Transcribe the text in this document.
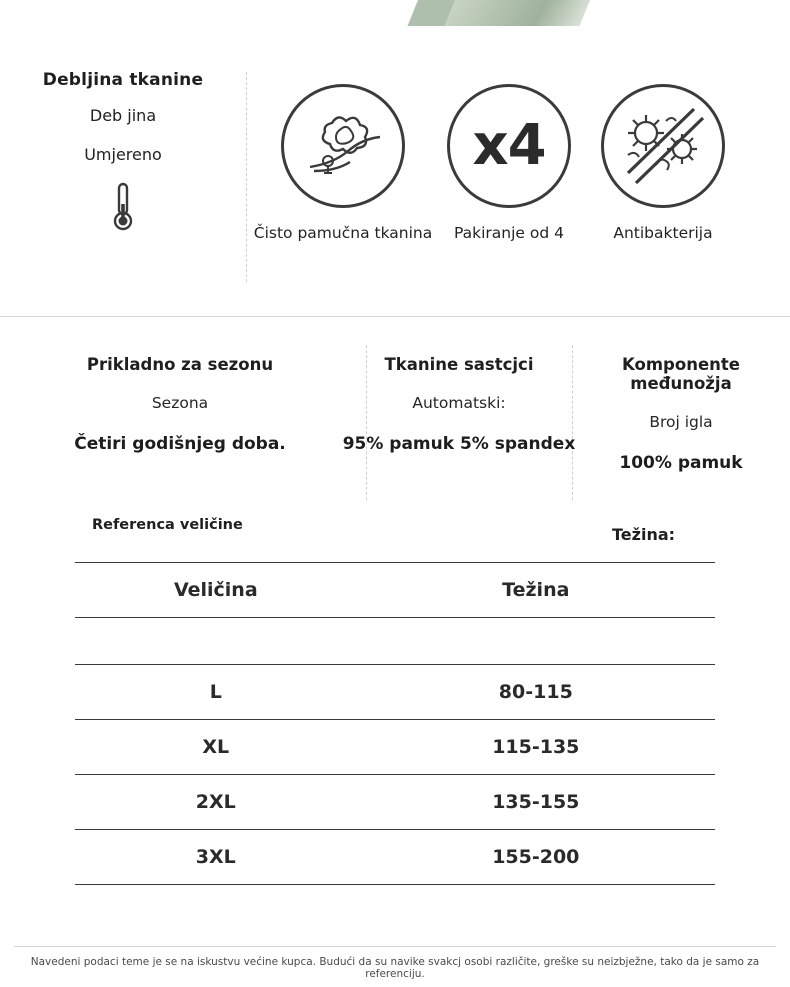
Debljina tkanine
Deb jina
Umjereno
Čisto pamučna tkanina
x4
Pakiranje od 4	Antibakterija
Prikladno za sezonu
Sezona
Četiri godišnjeg doba.
Tkanine sastcjci
Automatski:
95% pamuk 5% spandex
Komponente međunožja
Broj igla
100% pamuk
Referenca veličine	Težina:
Veličina	Težina

L	80-115
XL	115-135
2XL	135-155
3XL	155-200
Navedeni podaci teme je se na iskustvu većine kupca. Budući da su navike svakcj osobi različite, greške su neizbježne, tako da je samo za referenciju.
